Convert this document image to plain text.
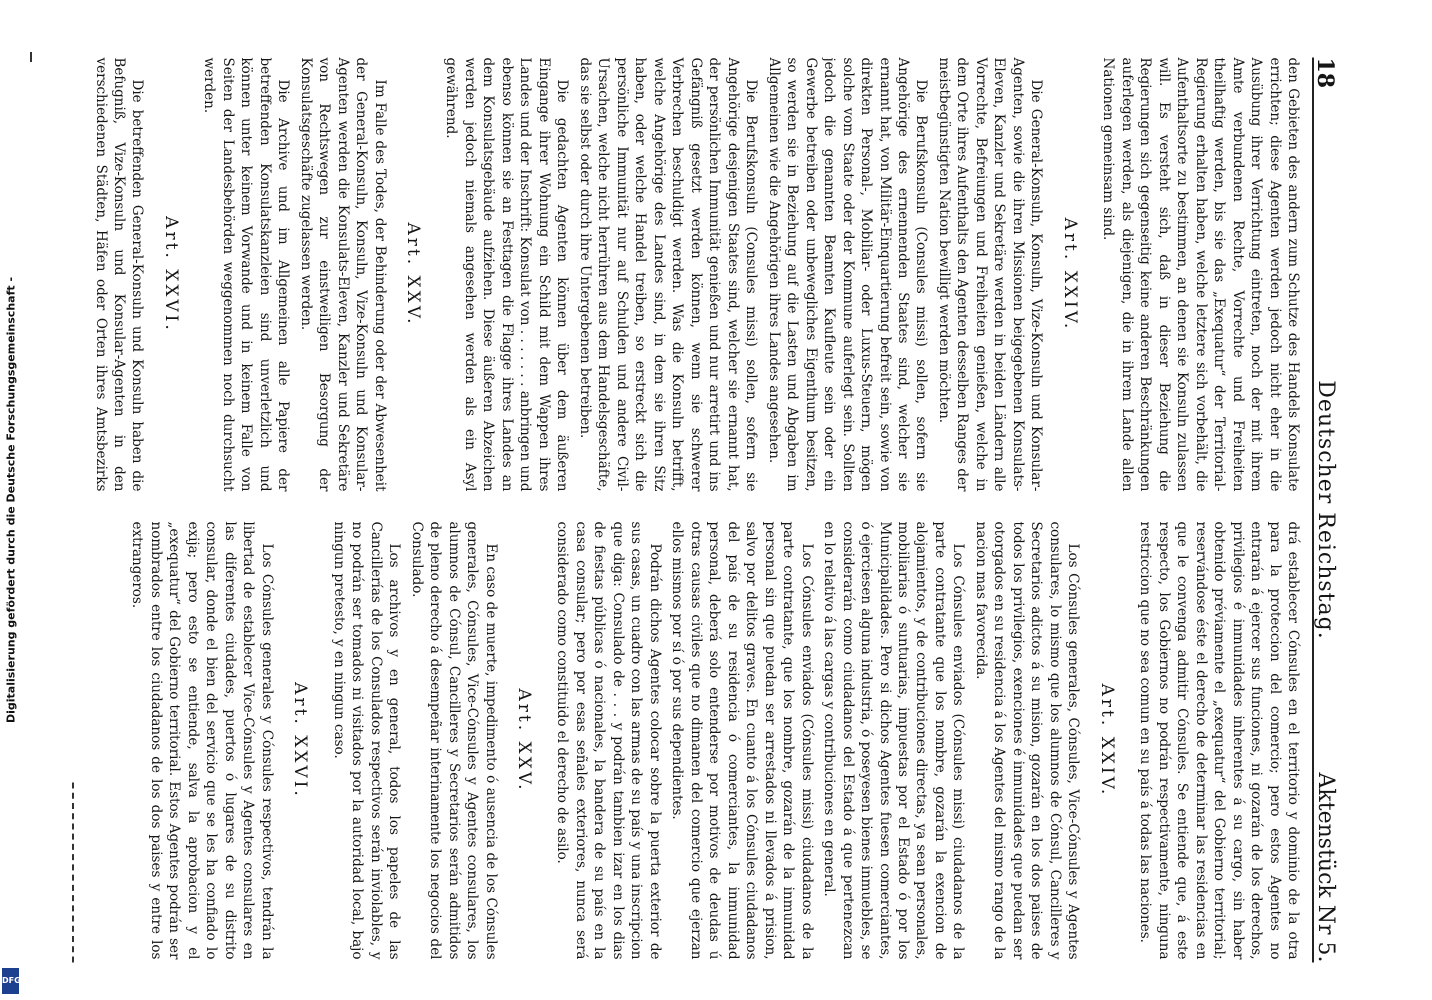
Digitalisierung gefördert durch die Deutsche Forschungsgemeinschaft -
DFG
18
Deutscher Reichstag.
Aktenstück Nr 5.

den Gebieten des andern zum Schutze des Handels Konsulate errichten; diese Agenten werden jedoch nicht eher in die Ausübung ihrer Verrichtung eintreten, noch der mit ihrem Amte verbundenen Rechte, Vorrechte und Freiheiten theilhaftig werden, bis sie das „Exequatur“ der Territorial-Regierung erhalten haben, welche letztere sich vorbehält, die Aufenthaltsorte zu bestimmen, an denen sie Konsuln zulassen will. Es versteht sich, daß in dieser Beziehung die Regierungen sich gegenseitig keine anderen Beschränkungen auferlegen werden, als diejenigen, die in ihrem Lande allen Nationen gemeinsam sind.

Art. XXIV.

Die General-Konsuln, Konsuln, Vize-Konsuln und Konsular-Agenten, sowie die ihren Missionen beigegebenen Konsulats-Eleven, Kanzler und Sekretäre werden in beiden Ländern alle Vorrechte, Befreiungen und Freiheiten genießen, welche in dem Orte ihres Aufenthalts den Agenten desselben Ranges der meistbegünstigten Nation bewilligt werden möchten.

Die Berufskonsuln (Consules missi) sollen, sofern sie Angehörige des ernennenden Staates sind, welcher sie ernannt hat, von Militär-Einquartierung befreit sein, sowie von direkten Personal-, Mobiliar- oder Luxus-Steuern, mögen solche vom Staate oder der Kommune auferlegt sein. Sollten jedoch die genannten Beamten Kaufleute sein oder ein Gewerbe betreiben oder unbewegliches Eigenthum besitzen, so werden sie in Beziehung auf die Lasten und Abgaben im Allgemeinen wie die Angehörigen ihres Landes angesehen.

Die Berufskonsuln (Consules missi) sollen, sofern sie Angehörige desjenigen Staates sind, welcher sie ernannt hat, der persönlichen Immunität genießen und nur arretirt und ins Gefängniß gesetzt werden können, wenn sie schwerer Verbrechen beschuldigt werden. Was die Konsuln betrifft, welche Angehörige des Landes sind, in dem sie ihren Sitz haben, oder welche Handel treiben, so erstreckt sich die persönliche Immunität nur auf Schulden und andere Civil-Ursachen, welche nicht herrühren aus dem Handelsgeschäfte, das sie selbst oder durch ihre Untergebenen betreiben.

Die gedachten Agenten können über dem äußeren Eingange ihrer Wohnung ein Schild mit dem Wappen ihres Landes und der Inschrift: Konsulat von . . . . . . . anbringen und ebenso können sie an Festtagen die Flagge ihres Landes an dem Konsulatsgebäude aufziehen. Diese äußeren Abzeichen werden jedoch niemals angesehen werden als ein Asyl gewährend.

Art. XXV.

Im Falle des Todes, der Behinderung oder der Abwesenheit der General-Konsuln, Konsuln, Vize-Konsuln und Konsular-Agenten werden die Konsulats-Eleven, Kanzler und Sekretäre von Rechtswegen zur einstweiligen Besorgung der Konsulatsgeschäfte zugelassen werden.

Die Archive und im Allgemeinen alle Papiere der betreffenden Konsulatskanzleien sind unverletzlich und können unter keinem Vorwande und in keinem Falle von Seiten der Landesbehörden weggenommen noch durchsucht werden.

Art. XXVI.

Die betreffenden General-Konsuln und Konsuln haben die Befugniß, Vize-Konsuln und Konsular-Agenten in den verschiedenen Städten, Häfen oder Orten ihres Amtsbezirks

drá establecer Cónsules en el territorio y dominio de la otra para la proteccion del comercio; pero estos Agentes no entrarán á ejercer sus funciones, ni gozarán de los derechos, privilegios é inmunidades inherentes á su cargo, sin haber obtenido préviamente el „exequatur“ del Gobierno territorial; reservándose éste el derecho de determinar las residencias en que le convenga admitir Cónsules. Se entiende que, á este respecto, los Gobiernos no podrán respectivamente, ninguna restriccion que no sea comun en su país á todas las naciones.

Art. XXIV.

Los Cónsules generales, Cónsules, Vice-Cónsules y Agentes consulares, lo mismo que los alumnos de Cónsul, Cancilleres y Secretarios adictos á su mision, gozarán en los dos paises de todos los privilegios, exenciones é inmunidades que puedan ser otorgados en su residencia á los Agentes del mismo rango de la nacion mas favorecida.

Los Cónsules enviados (Cónsules missi) ciudadanos de la parte contratante que los nombre, gozarán la exencion de alojamientos, y de contribuciones directas, ya sean personales, mobiliarias ó suntuarias, impuestas por el Estado ó por los Municipalidades. Pero si dichos Agentes fuesen comerciantes, ó ejerciesen alguna industria, ó poseyesen bienes inmuebles, se considerarán como ciudadanos del Estado á que pertenezcan en lo relativo á las cargas y contribuciones en general.

Los Cónsules enviados (Cónsules missi) ciudadanos de la parte contratante, que los nombre, gozarán de la inmunidad personal sin que puedan ser arrestados ni llevados á prision, salvo por delitos graves. En cuanto á los Cónsules ciudadanos del país de su residencia ó comerciantes, la inmunidad personal, deberá solo entenderse por motivos de deudas ú otras causas civiles que no dimanen del comercio que ejerzan ellos mismos por sí ó por sus dependientes.

Podrán dichos Agentes colocar sobre la puerta exterior de sus casas, un cuadro con las armas de su país y una inscripcion que diga: Consulado de . . . y podrán tambien izar en los dias de fiestas públicas ó nacionales, la bandera de su país en la casa consular; pero por esas señales exteriores, nunca será considerado como constituido el derecho de asilo.

Art. XXV.

En caso de muerte, impedimento ó ausencia de los Cónsules generales, Cónsules, Vice-Cónsules y Agentes consulares, los alumnos de Cónsul, Cancilleres y Secretarios serán admitidos de pleno derecho á desempeñar interinamente los negocios del Consulado.

Los archivos y en general, todos los papeles de las Cancillerías de los Consulados respectivos serán inviolables, y no podrán ser tomados ni visitados por la autoridad local, bajo ningun pretesto, y en ningun caso.

Art. XXVI.

Los Cónsules generales y Cónsules respectivos, tendrán la libertad de establecer Vice-Cónsules y Agentes consulares en las diferentes ciudades, puertos ó lugares de su distrito consular, donde el bien del servicio que se les ha confiado lo exija; pero esto se entiende, salva la aprobacion y el „exequatur“ del Gobierno territorial. Estos Agentes podrán ser nombrados entre los ciudadanos de los dos paises y entre los extrangeros.
